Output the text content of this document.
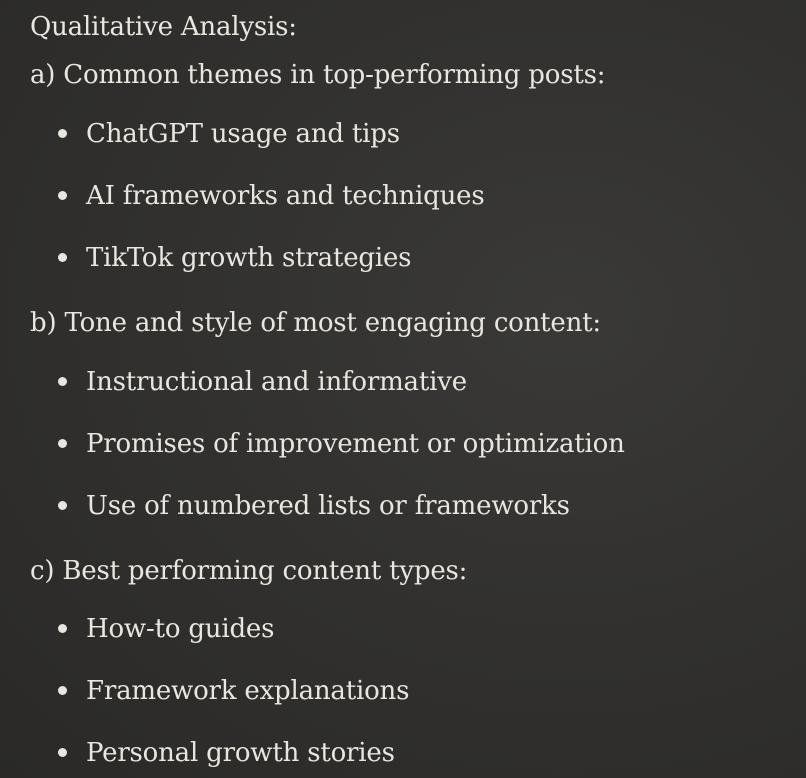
Qualitative Analysis:
a) Common themes in top-performing posts:
ChatGPT usage and tips
AI frameworks and techniques
TikTok growth strategies
b) Tone and style of most engaging content:
Instructional and informative
Promises of improvement or optimization
Use of numbered lists or frameworks
c) Best performing content types:
How-to guides
Framework explanations
Personal growth stories
